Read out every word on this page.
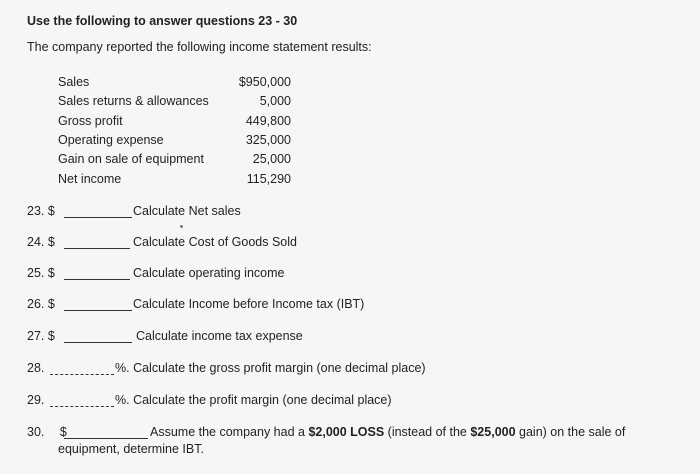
Use the following to answer questions 23 - 30
The company reported the following income statement results:
Sales	$950,000
Sales returns & allowances	5,000
Gross profit	449,800
Operating expense	325,000
Gain on sale of equipment	25,000
Net income	115,290
23. $	Calculate Net sales
24. $	Calculate Cost of Goods Sold
25. $	Calculate operating income
26. $	Calculate Income before Income tax (IBT)
27. $	Calculate income tax expense
28.	%. Calculate the gross profit margin (one decimal place)
29.	%. Calculate the profit margin (one decimal place)
30. $	Assume the company had a $2,000 LOSS (instead of the $25,000 gain) on the sale of
equipment, determine IBT.
